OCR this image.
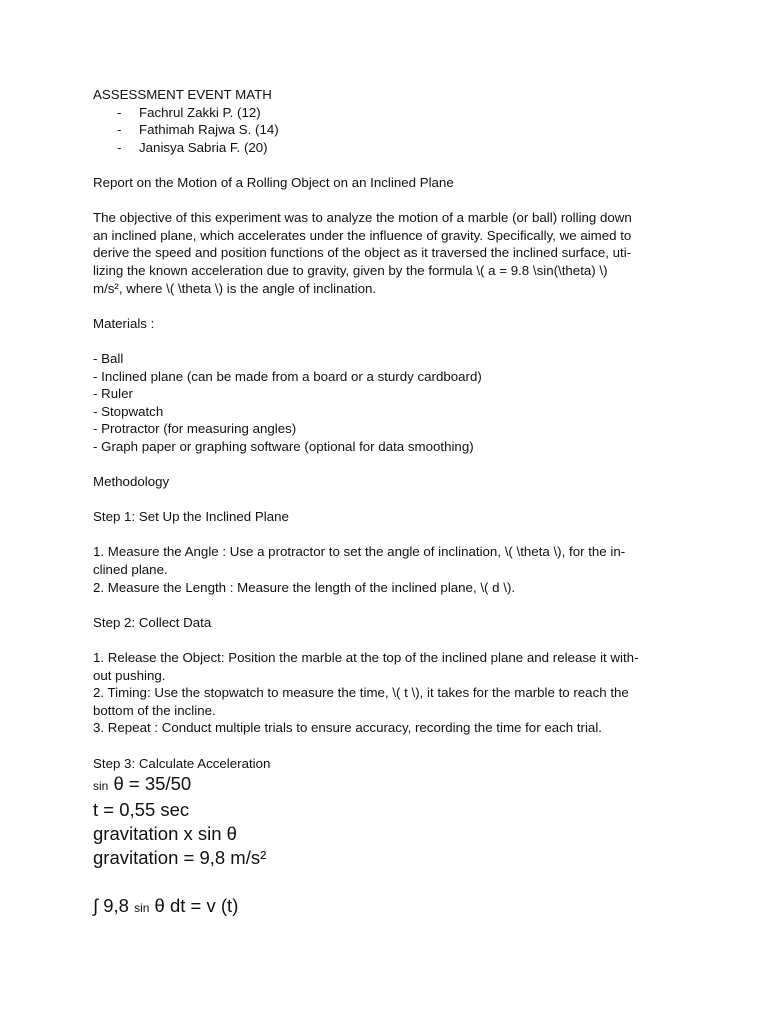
ASSESSMENT EVENT MATH
-	Fachrul Zakki P. (12)
-	Fathimah Rajwa S. (14)
-	Janisya Sabria F. (20)
Report on the Motion of a Rolling Object on an Inclined Plane
The objective of this experiment was to analyze the motion of a marble (or ball) rolling down
an inclined plane, which accelerates under the influence of gravity. Specifically, we aimed to
derive the speed and position functions of the object as it traversed the inclined surface, uti-
lizing the known acceleration due to gravity, given by the formula \( a = 9.8 \sin(\theta) \)
m/s², where \( \theta \) is the angle of inclination.
Materials :
- Ball
- Inclined plane (can be made from a board or a sturdy cardboard)
- Ruler
- Stopwatch
- Protractor (for measuring angles)
- Graph paper or graphing software (optional for data smoothing)
Methodology
Step 1: Set Up the Inclined Plane
1. Measure the Angle : Use a protractor to set the angle of inclination, \( \theta \), for the in-
clined plane.
2. Measure the Length : Measure the length of the inclined plane, \( d \).
Step 2: Collect Data
1. Release the Object: Position the marble at the top of the inclined plane and release it with-
out pushing.
2. Timing: Use the stopwatch to measure the time, \( t \), it takes for the marble to reach the
bottom of the incline.
3. Repeat : Conduct multiple trials to ensure accuracy, recording the time for each trial.
Step 3: Calculate Acceleration
sin θ = 35/50
t = 0,55 sec
gravitation x sin θ
gravitation = 9,8 m/s²

∫ 9,8 sin θ dt = v (t)
